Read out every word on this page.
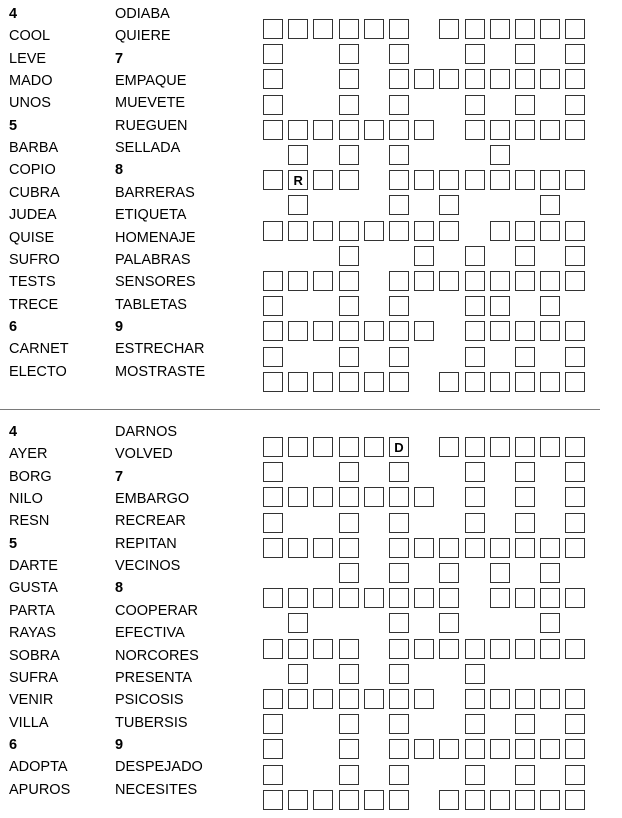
4
COOL
LEVE
MADO
UNOS
5
BARBA
COPIO
CUBRA
JUDEA
QUISE
SUFRO
TESTS
TRECE
6
CARNET
ELECTO
ODIABA
QUIERE
7
EMPAQUE
MUEVETE
RUEGUEN
SELLADA
8
BARRERAS
ETIQUETA
HOMENAJE
PALABRAS
SENSORES
TABLETAS
9
ESTRECHAR
MOSTRASTE
R
4
AYER
BORG
NILO
RESN
5
DARTE
GUSTA
PARTA
RAYAS
SOBRA
SUFRA
VENIR
VILLA
6
ADOPTA
APUROS
DARNOS
VOLVED
7
EMBARGO
RECREAR
REPITAN
VECINOS
8
COOPERAR
EFECTIVA
NORCORES
PRESENTA
PSICOSIS
TUBERSIS
9
DESPEJADO
NECESITES
D
